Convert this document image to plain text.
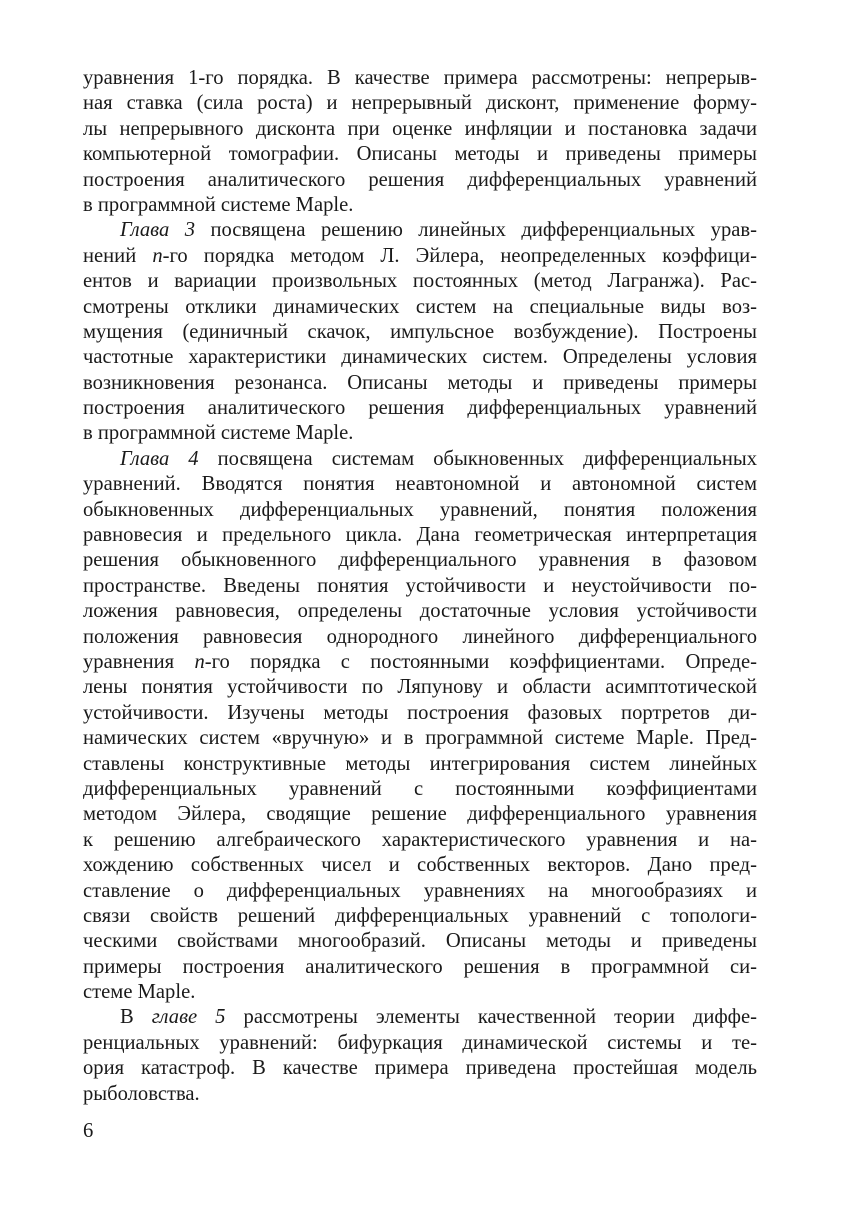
уравнения 1-го порядка. В качестве примера рассмотрены: непрерыв-
ная ставка (сила роста) и непрерывный дисконт, применение форму-
лы непрерывного дисконта при оценке инфляции и постановка задачи
компьютерной томографии. Описаны методы и приведены примеры
построения аналитического решения дифференциальных уравнений
в программной системе Maple.
Глава 3 посвящена решению линейных дифференциальных урав-
нений n-го порядка методом Л. Эйлера, неопределенных коэффици-
ентов и вариации произвольных постоянных (метод Лагранжа). Рас-
смотрены отклики динамических систем на специальные виды воз-
мущения (единичный скачок, импульсное возбуждение). Построены
частотные характеристики динамических систем. Определены условия
возникновения резонанса. Описаны методы и приведены примеры
построения аналитического решения дифференциальных уравнений
в программной системе Maple.
Глава 4 посвящена системам обыкновенных дифференциальных
уравнений. Вводятся понятия неавтономной и автономной систем
обыкновенных дифференциальных уравнений, понятия положения
равновесия и предельного цикла. Дана геометрическая интерпретация
решения обыкновенного дифференциального уравнения в фазовом
пространстве. Введены понятия устойчивости и неустойчивости по-
ложения равновесия, определены достаточные условия устойчивости
положения равновесия однородного линейного дифференциального
уравнения n-го порядка с постоянными коэффициентами. Опреде-
лены понятия устойчивости по Ляпунову и области асимптотической
устойчивости. Изучены методы построения фазовых портретов ди-
намических систем «вручную» и в программной системе Maple. Пред-
ставлены конструктивные методы интегрирования систем линейных
дифференциальных уравнений с постоянными коэффициентами
методом Эйлера, сводящие решение дифференциального уравнения
к решению алгебраического характеристического уравнения и на-
хождению собственных чисел и собственных векторов. Дано пред-
ставление о дифференциальных уравнениях на многообразиях и
связи свойств решений дифференциальных уравнений с топологи-
ческими свойствами многообразий. Описаны методы и приведены
примеры построения аналитического решения в программной си-
стеме Maple.
В главе 5 рассмотрены элементы качественной теории диффе-
ренциальных уравнений: бифуркация динамической системы и те-
ория катастроф. В качестве примера приведена простейшая модель
рыболовства.
6
